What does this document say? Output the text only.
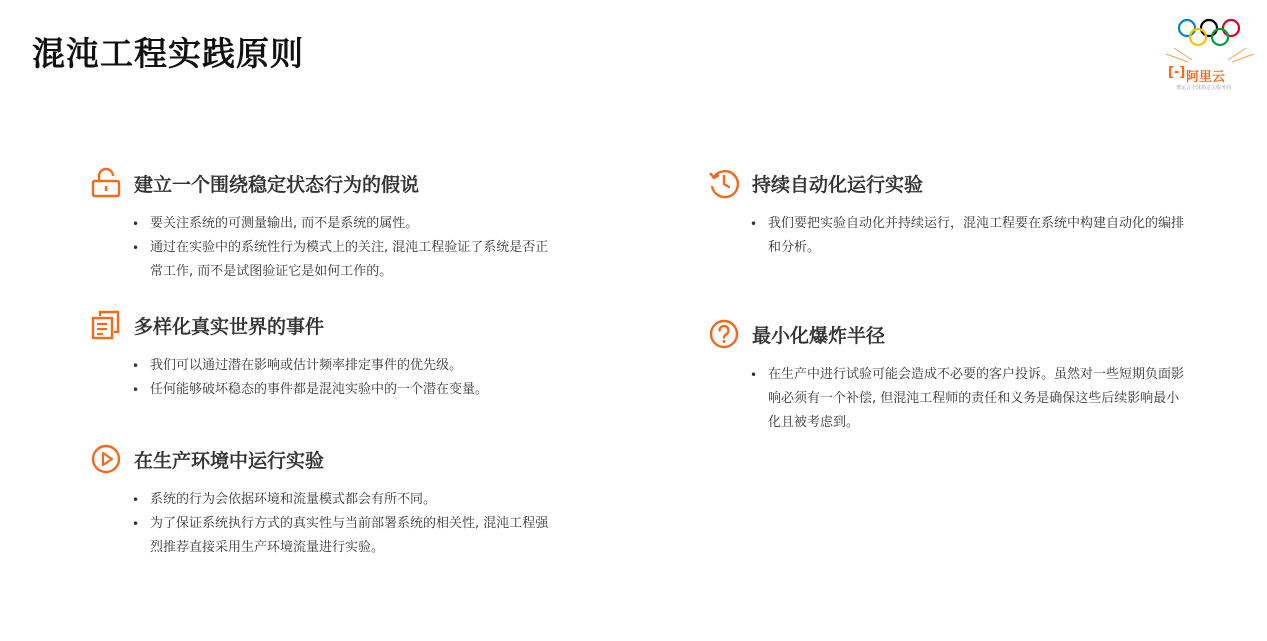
混沌工程实践原则	[-] 阿里云
奥运会全球指定云服务商
建立一个围绕稳定状态行为的假说
• 要关注系统的可测量输出, 而不是系统的属性。
• 通过在实验中的系统性行为模式上的关注, 混沌工程验证了系统是否正常工作, 而不是试图验证它是如何工作的。
多样化真实世界的事件
• 我们可以通过潜在影响或估计频率排定事件的优先级。
• 任何能够破坏稳态的事件都是混沌实验中的一个潜在变量。
在生产环境中运行实验
• 系统的行为会依据环境和流量模式都会有所不同。
• 为了保证系统执行方式的真实性与当前部署系统的相关性, 混沌工程强烈推荐直接采用生产环境流量进行实验。
持续自动化运行实验
• 我们要把实验自动化并持续运行，混沌工程要在系统中构建自动化的编排和分析。
最小化爆炸半径
• 在生产中进行试验可能会造成不必要的客户投诉。虽然对一些短期负面影响必须有一个补偿, 但混沌工程师的责任和义务是确保这些后续影响最小化且被考虑到。
